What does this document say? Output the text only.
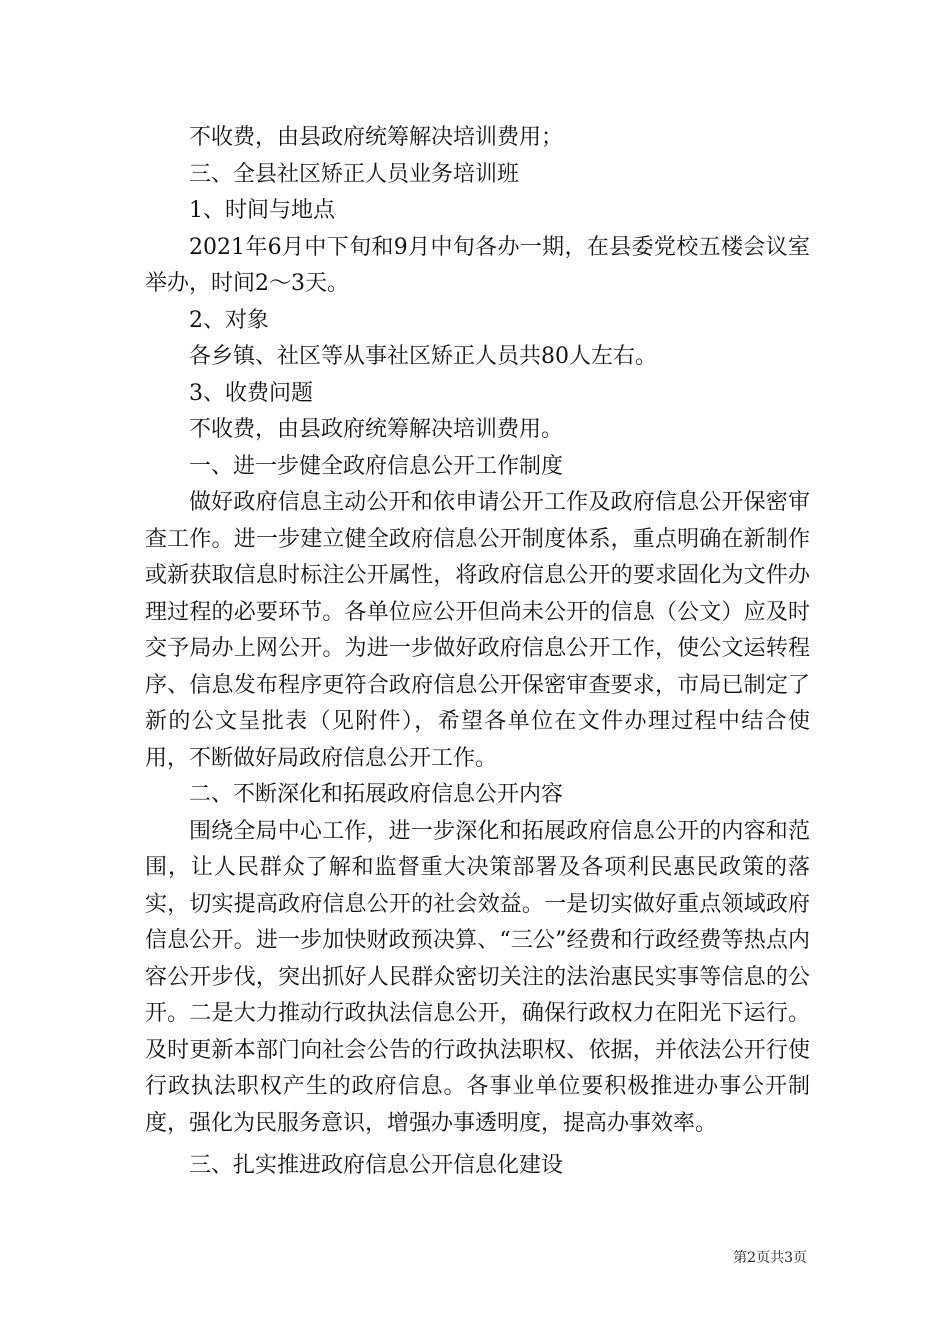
不收费，由县政府统筹解决培训费用；

三、全县社区矫正人员业务培训班

1、时间与地点

2021年6月中下旬和9月中旬各办一期，在县委党校五楼会议室举办，时间2～3天。

2、对象

各乡镇、社区等从事社区矫正人员共80人左右。

3、收费问题

不收费，由县政府统筹解决培训费用。

一、进一步健全政府信息公开工作制度

做好政府信息主动公开和依申请公开工作及政府信息公开保密审查工作。进一步建立健全政府信息公开制度体系，重点明确在新制作或新获取信息时标注公开属性，将政府信息公开的要求固化为文件办理过程的必要环节。各单位应公开但尚未公开的信息（公文）应及时交予局办上网公开。为进一步做好政府信息公开工作，使公文运转程序、信息发布程序更符合政府信息公开保密审查要求，市局已制定了新的公文呈批表（见附件），希望各单位在文件办理过程中结合使用，不断做好局政府信息公开工作。

二、不断深化和拓展政府信息公开内容

围绕全局中心工作，进一步深化和拓展政府信息公开的内容和范围，让人民群众了解和监督重大决策部署及各项利民惠民政策的落实，切实提高政府信息公开的社会效益。一是切实做好重点领域政府信息公开。进一步加快财政预决算、“三公”经费和行政经费等热点内容公开步伐，突出抓好人民群众密切关注的法治惠民实事等信息的公开。二是大力推动行政执法信息公开，确保行政权力在阳光下运行。及时更新本部门向社会公告的行政执法职权、依据，并依法公开行使行政执法职权产生的政府信息。各事业单位要积极推进办事公开制度，强化为民服务意识，增强办事透明度，提高办事效率。

三、扎实推进政府信息公开信息化建设

第2页共3页
